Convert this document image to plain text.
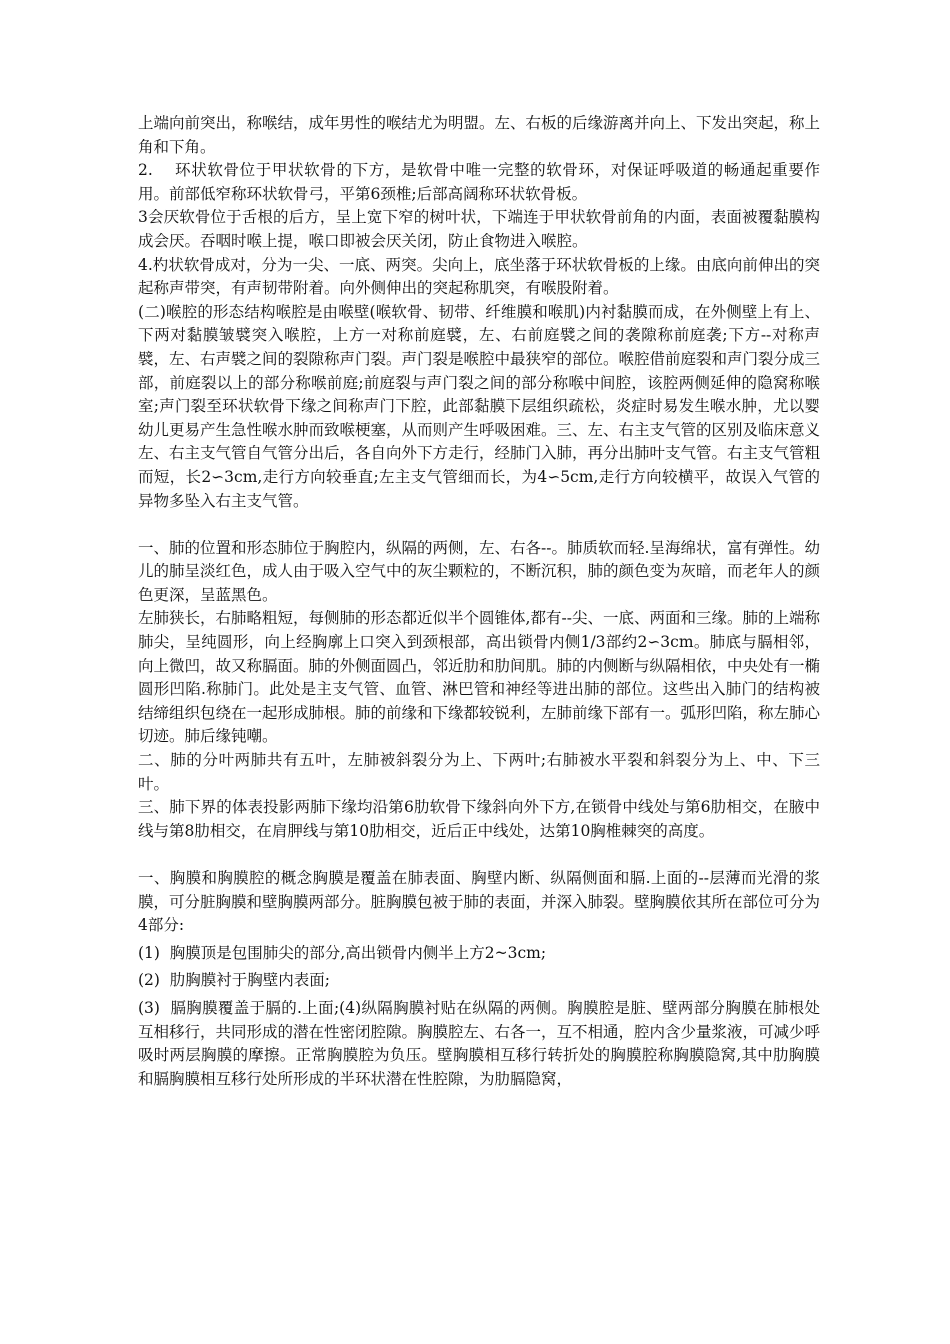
上端向前突出，称喉结，成年男性的喉结尤为明盟。左、右板的后缘游离并向上、下发出突起，称上角和下角。

2.    环状软骨位于甲状软骨的下方，是软骨中唯一完整的软骨环，对保证呼吸道的畅通起重要作用。前部低窄称环状软骨弓，平第6颈椎;后部高阔称环状软骨板。

3会厌软骨位于舌根的后方，呈上宽下窄的树叶状，下端连于甲状软骨前角的内面，表面被覆黏膜构成会厌。吞咽时喉上提，喉口即被会厌关闭，防止食物进入喉腔。

4.杓状软骨成对，分为一尖、一底、两突。尖向上，底坐落于环状软骨板的上缘。由底向前伸出的突起称声带突，有声韧带附着。向外侧伸出的突起称肌突，有喉股附着。

(二)喉腔的形态结构喉腔是由喉壁(喉软骨、韧带、纤维膜和喉肌)内衬黏膜而成，在外侧壁上有上、下两对黏膜皱襞突入喉腔，上方一对称前庭襞，左、右前庭襞之间的袭隙称前庭袭;下方--对称声襞，左、右声襞之间的裂隙称声门裂。声门裂是喉腔中最狭窄的部位。喉腔借前庭裂和声门裂分成三部，前庭裂以上的部分称喉前庭;前庭裂与声门裂之间的部分称喉中间腔，该腔两侧延伸的隐窝称喉室;声门裂至环状软骨下缘之间称声门下腔，此部黏膜下层组织疏松，炎症时易发生喉水肿，尤以婴幼儿更易产生急性喉水肿而致喉梗塞，从而则产生呼吸困难。三、左、右主支气管的区别及临床意义左、右主支气管自气管分出后，各自向外下方走行，经肺门入肺，再分出肺叶支气管。右主支气管粗而短，长2∽3cm,走行方向较垂直;左主支气管细而长，为4∽5cm,走行方向较横平，故误入气管的异物多坠入右主支气管。

一、肺的位置和形态肺位于胸腔内，纵隔的两侧，左、右各--。肺质软而轻.呈海绵状，富有弹性。幼儿的肺呈淡红色，成人由于吸入空气中的灰尘颗粒的，不断沉积，肺的颜色变为灰暗，而老年人的颜色更深，呈蓝黑色。

左肺狭长，右肺略粗短，每侧肺的形态都近似半个圆锥体,都有--尖、一底、两面和三缘。肺的上端称肺尖，呈纯圆形，向上经胸廓上口突入到颈根部，高出锁骨内侧1/3部约2∽3cm。肺底与膈相邻，向上微凹，故又称膈面。肺的外侧面圆凸，邻近肋和肋间肌。肺的内侧断与纵隔相依，中央处有一椭圆形凹陷.称肺门。此处是主支气管、血管、淋巴管和神经等进出肺的部位。这些出入肺门的结构被结缔组织包绕在一起形成肺根。肺的前缘和下缘都较锐利，左肺前缘下部有一。弧形凹陷，称左肺心切迹。肺后缘钝嘲。

二、肺的分叶两肺共有五叶，左肺被斜裂分为上、下两叶;右肺被水平裂和斜裂分为上、中、下三叶。

三、肺下界的体表投影两肺下缘均沿第6肋软骨下缘斜向外下方,在锁骨中线处与第6肋相交，在腋中线与第8肋相交，在肩胛线与第10肋相交，近后正中线处，达第10胸椎棘突的高度。

一、胸膜和胸膜腔的概念胸膜是覆盖在肺表面、胸壁内断、纵隔侧面和膈.上面的--层薄而光滑的浆膜，可分脏胸膜和壁胸膜两部分。脏胸膜包被于肺的表面，并深入肺裂。壁胸膜依其所在部位可分为4部分:

(1)  胸膜顶是包围肺尖的部分,高出锁骨内侧半上方2~3cm;

(2)  肋胸膜衬于胸壁内表面;

(3)  膈胸膜覆盖于膈的.上面;(4)纵隔胸膜衬贴在纵隔的两侧。胸膜腔是脏、壁两部分胸膜在肺根处互相移行，共同形成的潜在性密闭腔隙。胸膜腔左、右各一，互不相通，腔内含少量浆液，可减少呼吸时两层胸膜的摩擦。正常胸膜腔为负压。壁胸膜相互移行转折处的胸膜腔称胸膜隐窝,其中肋胸膜和膈胸膜相互移行处所形成的半环状潜在性腔隙，为肋膈隐窝，
